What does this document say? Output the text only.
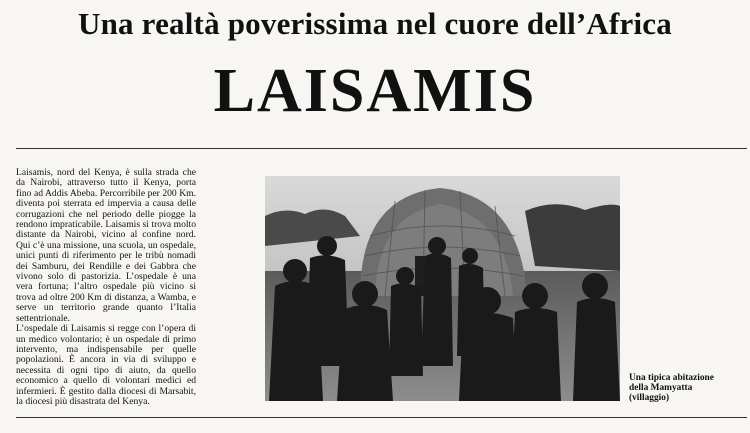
Una realtà poverissima nel cuore dell’Africa
LAISAMIS

Laisamis, nord del Kenya, è sulla strada che da Nairobi, attraverso tutto il Kenya, porta fino ad Addis Abeba. Percorribile per 200 Km. diventa poi sterrata ed impervia a causa delle corrugazioni che nel periodo delle piogge la rendono impraticabile. Laisamis si trova molto distante da Nairobi, vicino al confine nord. Qui c’è una missione, una scuola, un ospedale, unici punti di riferimento per le tribù nomadi dei Samburu, dei Rendille e dei Gabbra che vivono solo di pastorizia. L’ospedale è una vera fortuna; l’altro ospedale più vicino si trova ad oltre 200 Km di distanza, a Wamba, e serve un territorio grande quanto l’Italia settentrionale.

L’ospedale di Laisamis si regge con l’opera di un medico volontario; è un ospedale di primo intervento, ma indispensabile per quelle popolazioni. È ancora in via di sviluppo e necessita di ogni tipo di aiuto, da quello economico a quello di volontari medici ed infermieri. È gestito dalla diocesi di Marsabit, la diocesi più disastrata del Kenya.

Una tipica abitazione
della Mamyatta
(villaggio)
